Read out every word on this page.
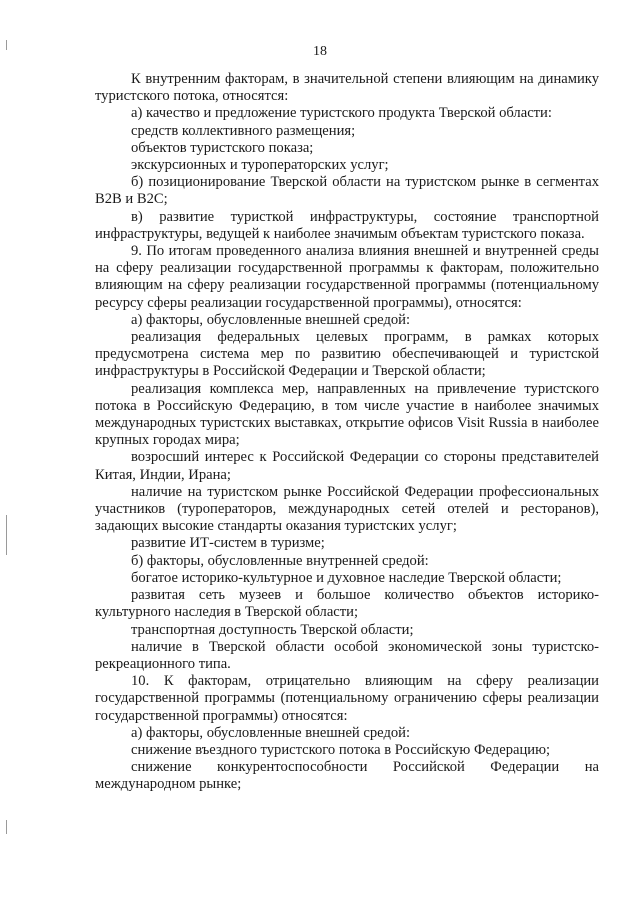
18

К внутренним факторам, в значительной степени влияющим на динамику туристского потока, относятся:

а) качество и предложение туристского продукта Тверской области:

средств коллективного размещения;

объектов туристского показа;

экскурсионных и туроператорских услуг;

б) позиционирование Тверской области на туристском рынке в сегментах B2B и B2C;

в) развитие туристкой инфраструктуры, состояние транспортной инфраструктуры, ведущей к наиболее значимым объектам туристского показа.

9. По итогам проведенного анализа влияния внешней и внутренней среды на сферу реализации государственной программы к факторам, положительно влияющим на сферу реализации государственной программы (потенциальному ресурсу сферы реализации государственной программы), относятся:

а) факторы, обусловленные внешней средой:

реализация федеральных целевых программ, в рамках которых предусмотрена система мер по развитию обеспечивающей и туристской инфраструктуры в Российской Федерации и Тверской области;

реализация комплекса мер, направленных на привлечение туристского потока в Российскую Федерацию, в том числе участие в наиболее значимых международных туристских выставках, открытие офисов Visit Russia в наиболее крупных городах мира;

возросший интерес к Российской Федерации со стороны представителей Китая, Индии, Ирана;

наличие на туристском рынке Российской Федерации профессиональных участников (туроператоров, международных сетей отелей и ресторанов), задающих высокие стандарты оказания туристских услуг;

развитие ИТ-систем в туризме;

б) факторы, обусловленные внутренней средой:

богатое историко-культурное и духовное наследие Тверской области;

развитая сеть музеев и большое количество объектов историко-культурного наследия в Тверской области;

транспортная доступность Тверской области;

наличие в Тверской области особой экономической зоны туристско-рекреационного типа.

10. К факторам, отрицательно влияющим на сферу реализации государственной программы (потенциальному ограничению сферы реализации государственной программы) относятся:

а) факторы, обусловленные внешней средой:

снижение въездного туристского потока в Российскую Федерацию;

снижение конкурентоспособности Российской Федерации на международном рынке;
